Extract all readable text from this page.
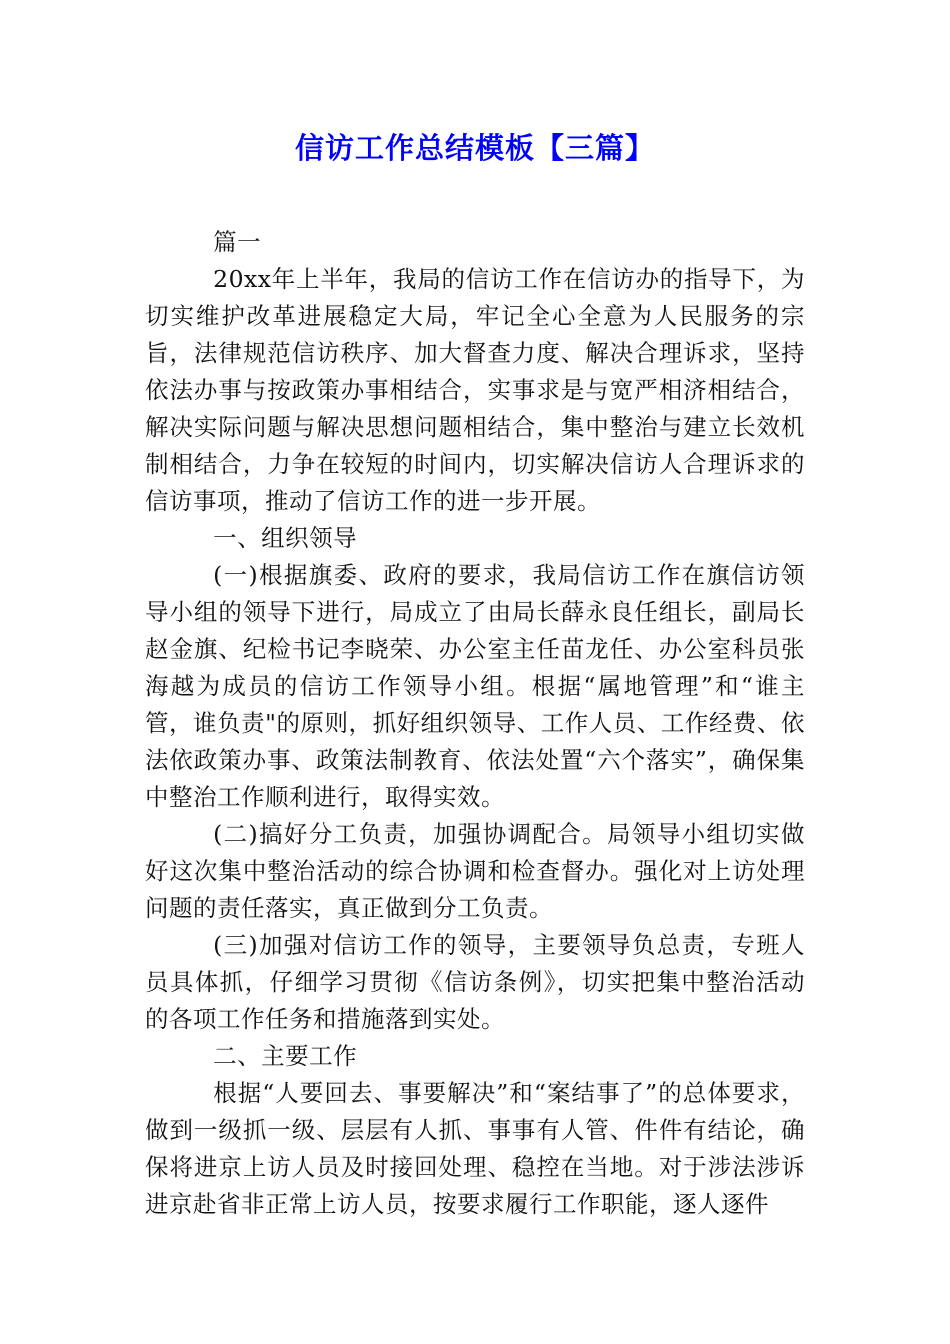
信访工作总结模板【三篇】

篇一

20xx年上半年，我局的信访工作在信访办的指导下，为切实维护改革进展稳定大局，牢记全心全意为人民服务的宗旨，法律规范信访秩序、加大督查力度、解决合理诉求，坚持依法办事与按政策办事相结合，实事求是与宽严相济相结合，解决实际问题与解决思想问题相结合，集中整治与建立长效机制相结合，力争在较短的时间内，切实解决信访人合理诉求的信访事项，推动了信访工作的进一步开展。

一、组织领导

(一)根据旗委、政府的要求，我局信访工作在旗信访领导小组的领导下进行，局成立了由局长薛永良任组长，副局长赵金旗、纪检书记李晓荣、办公室主任苗龙任、办公室科员张海越为成员的信访工作领导小组。根据“属地管理”和“谁主管，谁负责"的原则，抓好组织领导、工作人员、工作经费、依法依政策办事、政策法制教育、依法处置“六个落实”，确保集中整治工作顺利进行，取得实效。

(二)搞好分工负责，加强协调配合。局领导小组切实做好这次集中整治活动的综合协调和检查督办。强化对上访处理问题的责任落实，真正做到分工负责。

(三)加强对信访工作的领导，主要领导负总责，专班人员具体抓，仔细学习贯彻《信访条例》，切实把集中整治活动的各项工作任务和措施落到实处。

二、主要工作

根据“人要回去、事要解决”和“案结事了”的总体要求，做到一级抓一级、层层有人抓、事事有人管、件件有结论，确保将进京上访人员及时接回处理、稳控在当地。对于涉法涉诉进京赴省非正常上访人员，按要求履行工作职能，逐人逐件
